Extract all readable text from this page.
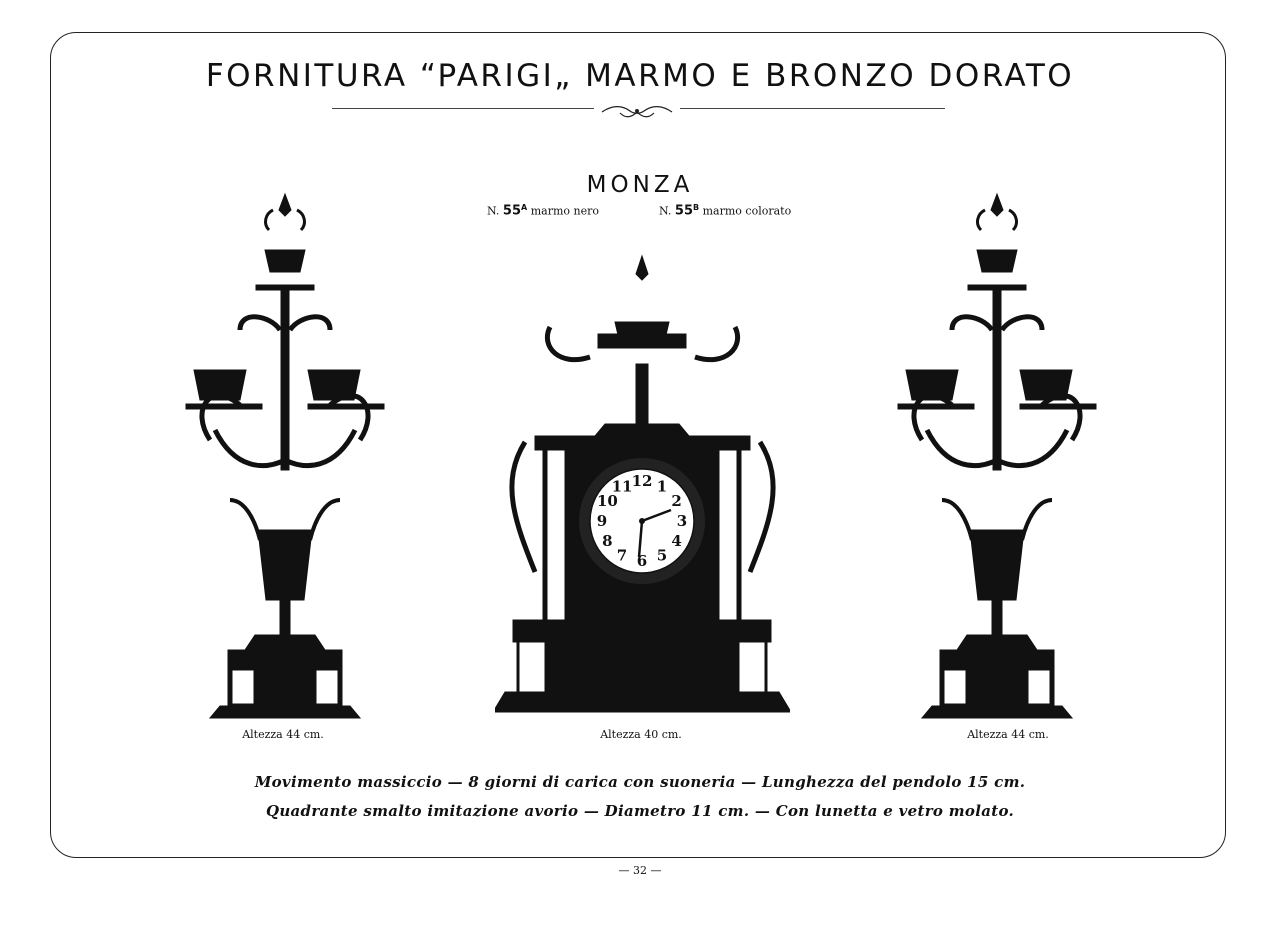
FORNITURA “PARIGI„ MARMO E BRONZO DORATO
MONZA
N. $55^A$ marmo nero	N. $55^B$ marmo colorato
12 1
2
3
4
5
6
7
8
9
10
11
Altezza 44 cm.	Altezza 40 cm.	Altezza 44 cm.
Movimento massiccio — 8 giorni di carica con suoneria — Lunghezza del pendolo 15 cm.
Quadrante smalto imitazione avorio — Diametro 11 cm. — Con lunetta e vetro molato.
— 32 —
